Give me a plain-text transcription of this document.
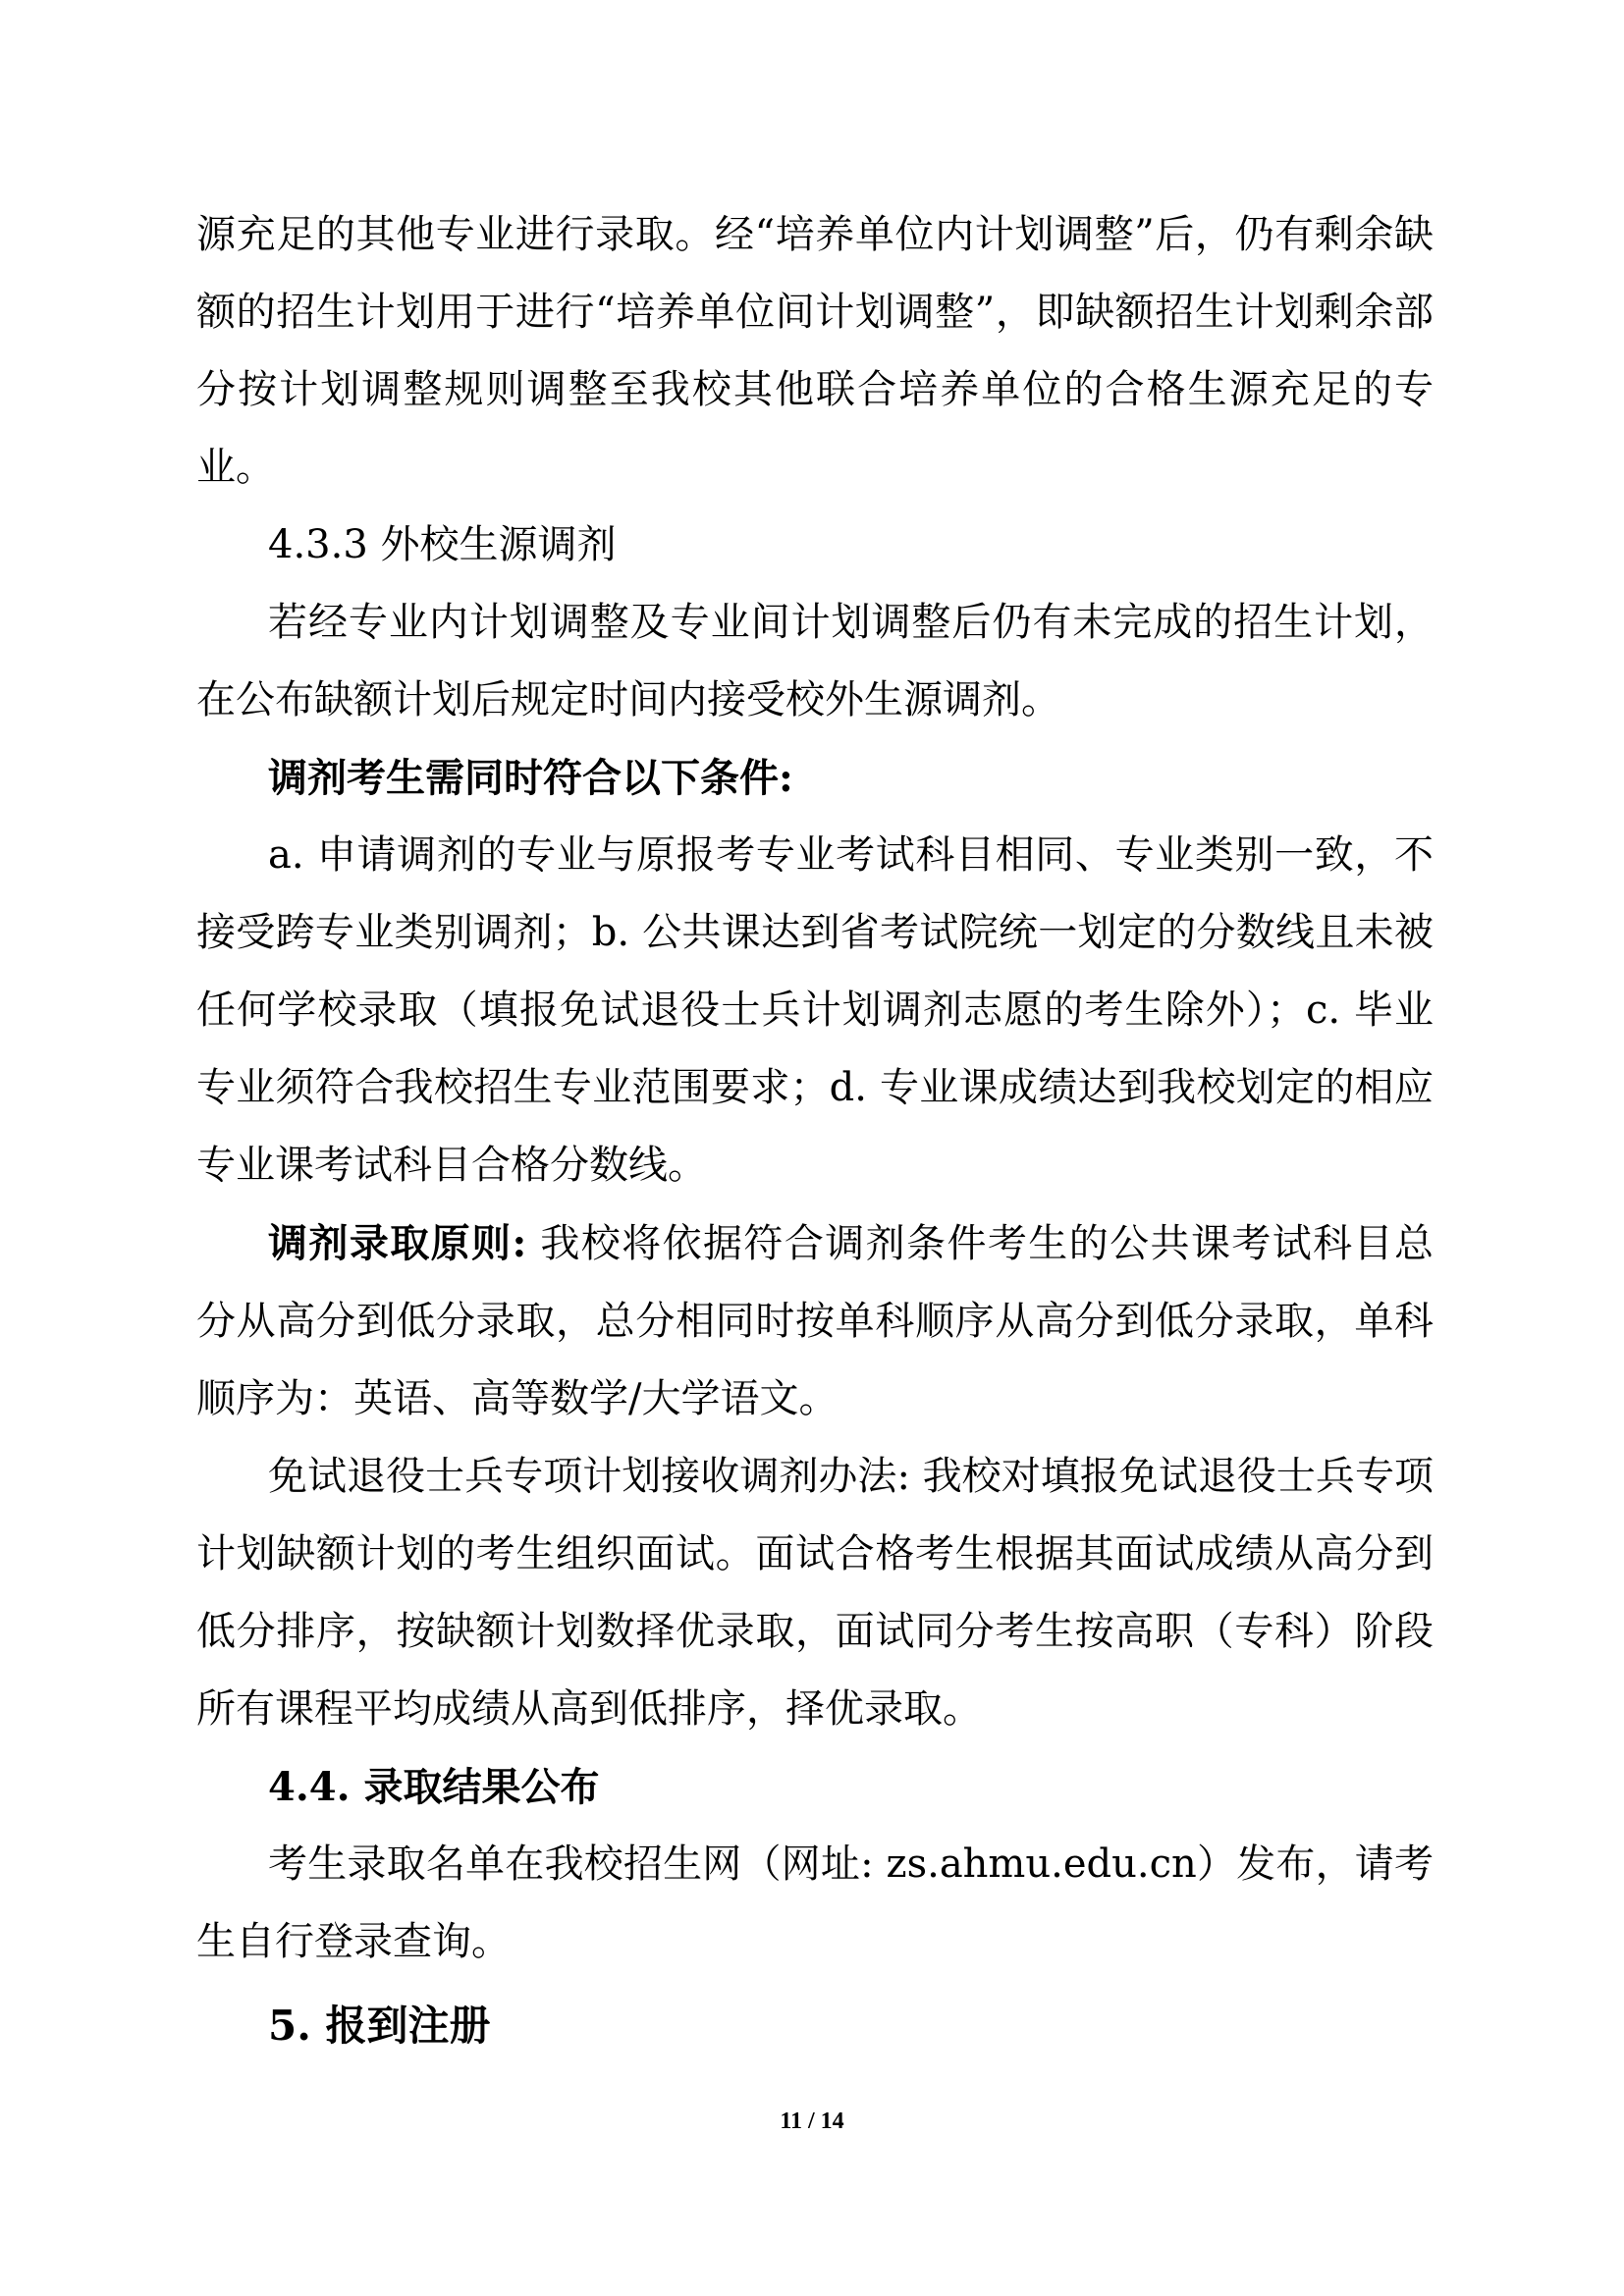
源充足的其他专业进行录取。经“培养单位内计划调整”后，仍有剩余缺额的招生计划用于进行“培养单位间计划调整”，即缺额招生计划剩余部分按计划调整规则调整至我校其他联合培养单位的合格生源充足的专业。

4.3.3 外校生源调剂

若经专业内计划调整及专业间计划调整后仍有未完成的招生计划，在公布缺额计划后规定时间内接受校外生源调剂。

调剂考生需同时符合以下条件:

a. 申请调剂的专业与原报考专业考试科目相同、专业类别一致，不接受跨专业类别调剂；b. 公共课达到省考试院统一划定的分数线且未被任何学校录取（填报免试退役士兵计划调剂志愿的考生除外）；c. 毕业专业须符合我校招生专业范围要求；d. 专业课成绩达到我校划定的相应专业课考试科目合格分数线。

调剂录取原则: 我校将依据符合调剂条件考生的公共课考试科目总分从高分到低分录取，总分相同时按单科顺序从高分到低分录取，单科顺序为：英语、高等数学/大学语文。

免试退役士兵专项计划接收调剂办法: 我校对填报免试退役士兵专项计划缺额计划的考生组织面试。面试合格考生根据其面试成绩从高分到低分排序，按缺额计划数择优录取，面试同分考生按高职（专科）阶段所有课程平均成绩从高到低排序，择优录取。

4.4. 录取结果公布

考生录取名单在我校招生网（网址: zs.ahmu.edu.cn）发布，请考生自行登录查询。

5. 报到注册

11 / 14
